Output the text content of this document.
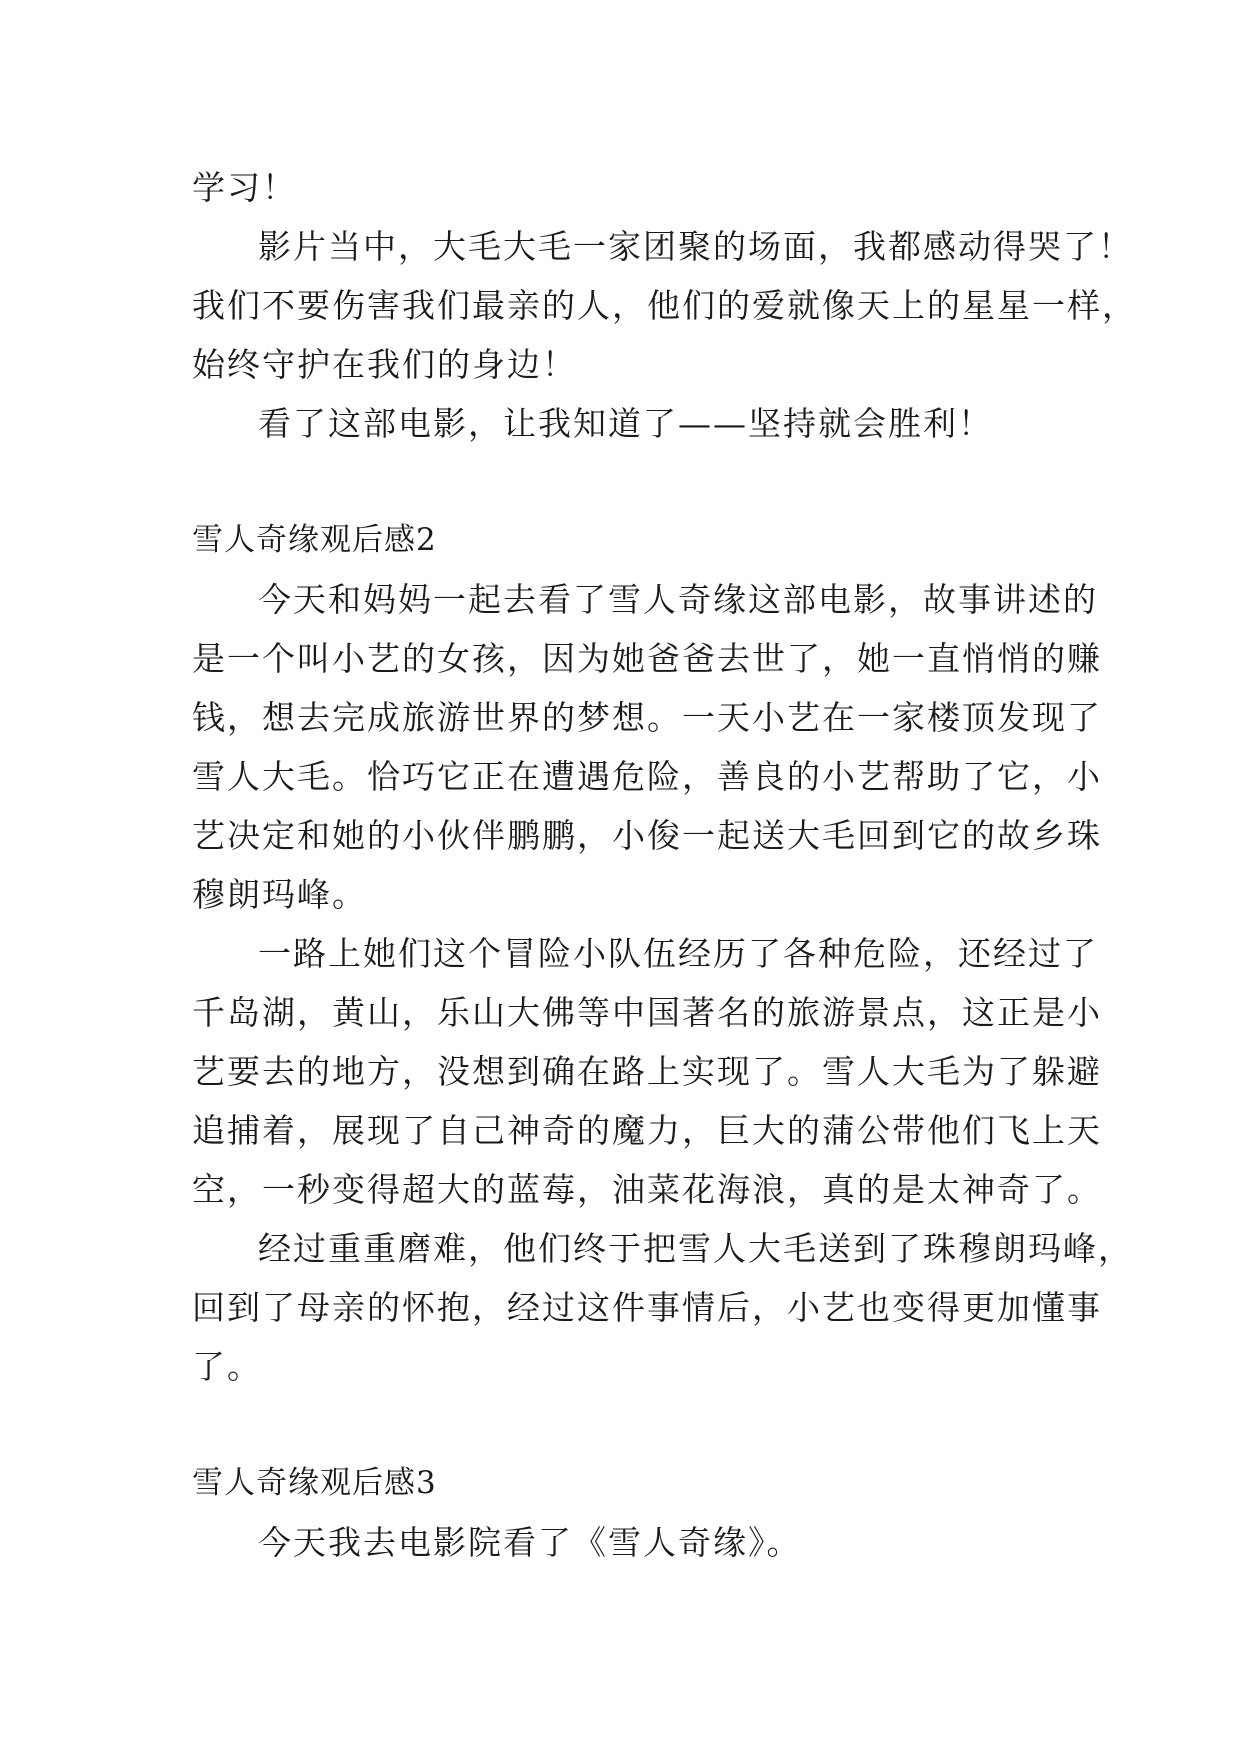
学习！
影片当中，大毛大毛一家团聚的场面，我都感动得哭了！
我们不要伤害我们最亲的人，他们的爱就像天上的星星一样，
始终守护在我们的身边！
看了这部电影，让我知道了——坚持就会胜利！
雪人奇缘观后感2
今天和妈妈一起去看了雪人奇缘这部电影，故事讲述的
是一个叫小艺的女孩，因为她爸爸去世了，她一直悄悄的赚
钱，想去完成旅游世界的梦想。一天小艺在一家楼顶发现了
雪人大毛。恰巧它正在遭遇危险，善良的小艺帮助了它，小
艺决定和她的小伙伴鹏鹏，小俊一起送大毛回到它的故乡珠
穆朗玛峰。
一路上她们这个冒险小队伍经历了各种危险，还经过了
千岛湖，黄山，乐山大佛等中国著名的旅游景点，这正是小
艺要去的地方，没想到确在路上实现了。雪人大毛为了躲避
追捕着，展现了自己神奇的魔力，巨大的蒲公带他们飞上天
空，一秒变得超大的蓝莓，油菜花海浪，真的是太神奇了。
经过重重磨难，他们终于把雪人大毛送到了珠穆朗玛峰，
回到了母亲的怀抱，经过这件事情后，小艺也变得更加懂事
了。
雪人奇缘观后感3
今天我去电影院看了《雪人奇缘》。
